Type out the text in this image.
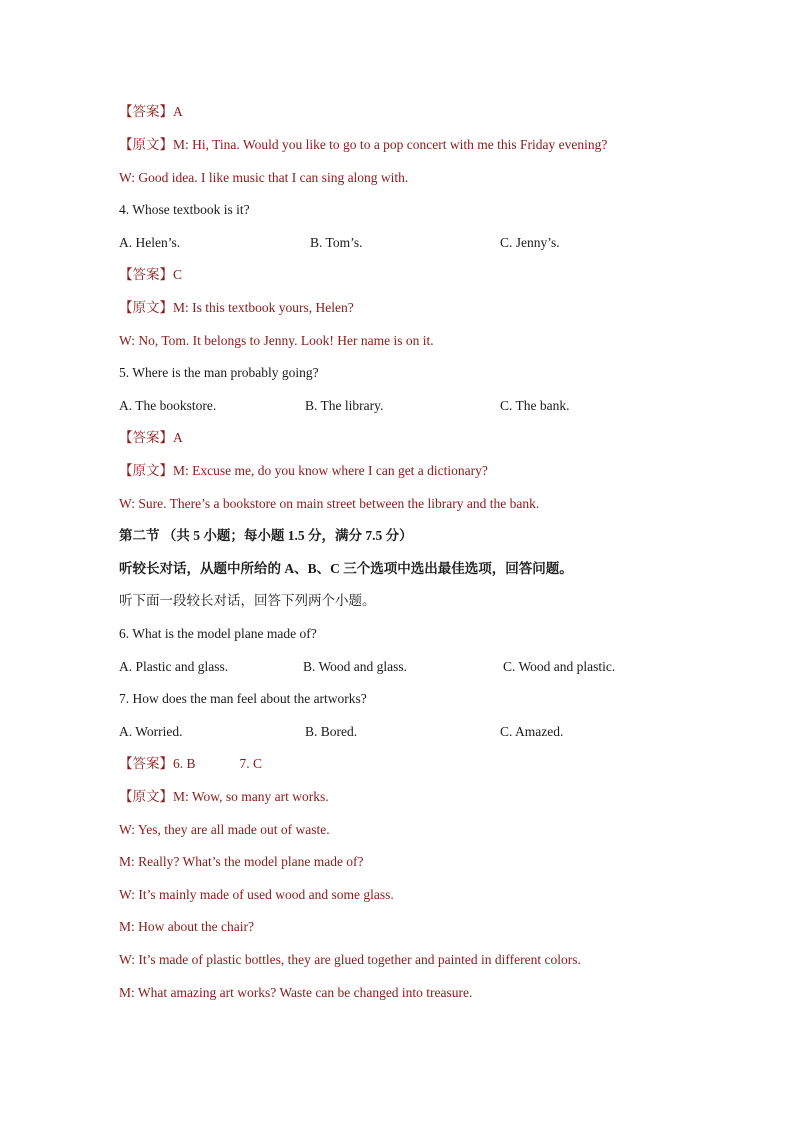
【答案】A
【原文】M: Hi, Tina. Would you like to go to a pop concert with me this Friday evening?
W: Good idea. I like music that I can sing along with.
4. Whose textbook is it?
A. Helen’s.	B. Tom’s.	C. Jenny’s.
【答案】C
【原文】M: Is this textbook yours, Helen?
W: No, Tom. It belongs to Jenny. Look! Her name is on it.
5. Where is the man probably going?
A. The bookstore.	B. The library.	C. The bank.
【答案】A
【原文】M: Excuse me, do you know where I can get a dictionary?
W: Sure. There’s a bookstore on main street between the library and the bank.
第二节 （共 5 小题；每小题 1.5 分，满分 7.5 分）
听较长对话，从题中所给的 A、B、C 三个选项中选出最佳选项，回答问题。
听下面一段较长对话，回答下列两个小题。
6. What is the model plane made of?
A. Plastic and glass.	B. Wood and glass.	C. Wood and plastic.
7. How does the man feel about the artworks?
A. Worried.	B. Bored.	C. Amazed.
【答案】6. B	7. C
【原文】M: Wow, so many art works.
W: Yes, they are all made out of waste.
M: Really? What’s the model plane made of?
W: It’s mainly made of used wood and some glass.
M: How about the chair?
W: It’s made of plastic bottles, they are glued together and painted in different colors.
M: What amazing art works? Waste can be changed into treasure.
